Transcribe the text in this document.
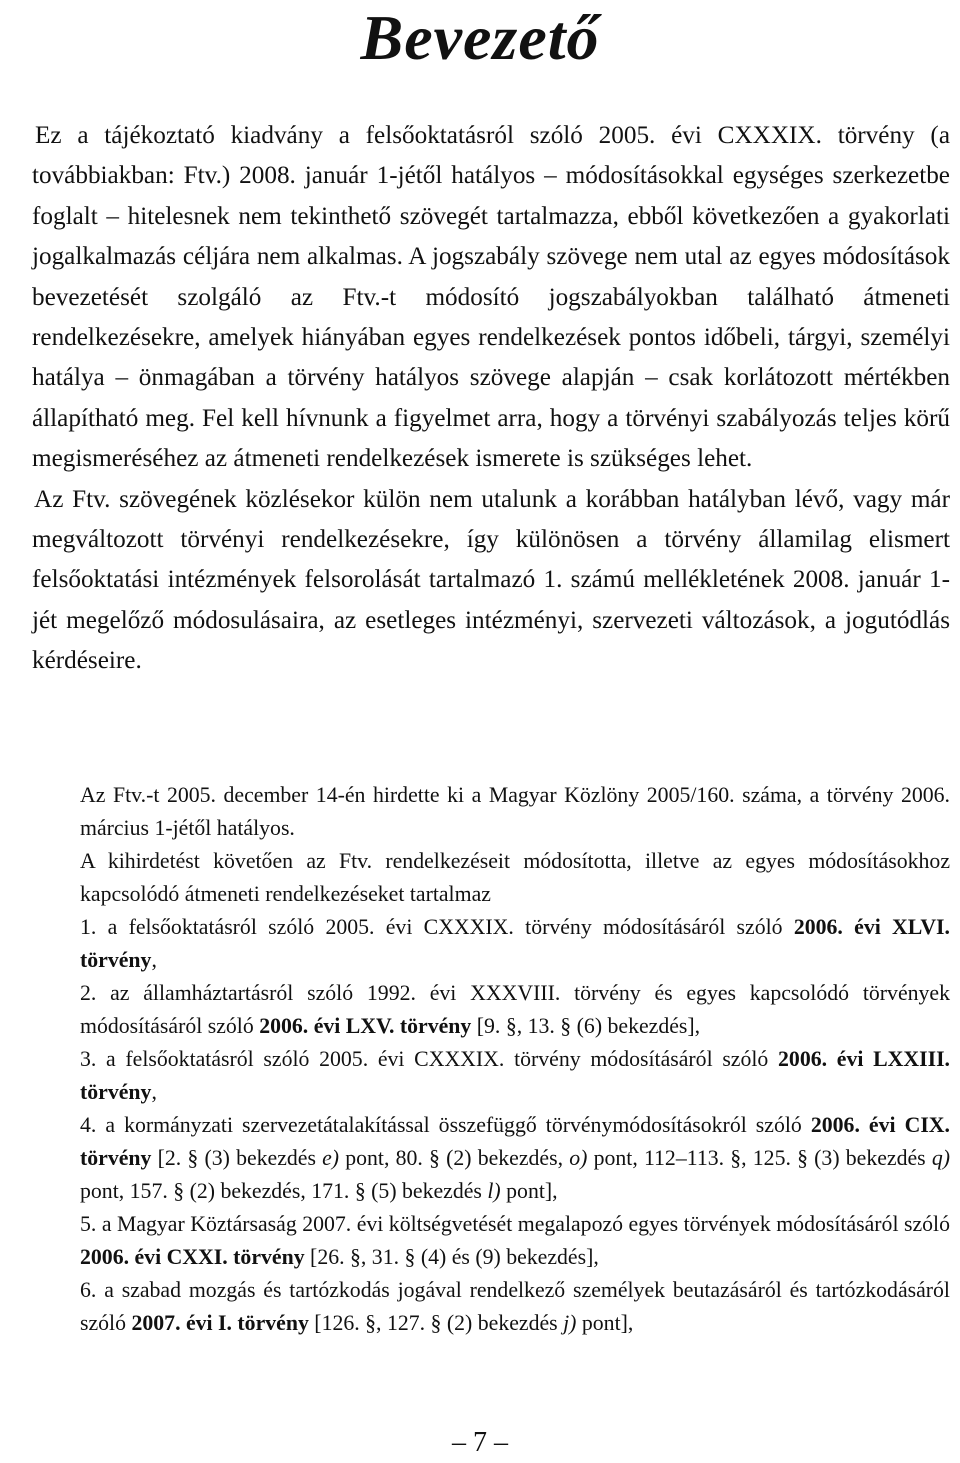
Bevezető

Ez a tájékoztató kiadvány a felsőoktatásról szóló 2005. évi CXXXIX. törvény (a továbbiakban: Ftv.) 2008. január 1-jétől hatályos – módosításokkal egységes szerkezetbe foglalt – hitelesnek nem tekinthető szövegét tartalmazza, ebből következően a gyakorlati jogalkalmazás céljára nem alkalmas. A jogszabály szövege nem utal az egyes módosítások bevezetését szolgáló az Ftv.-t módosító jogszabályokban található átmeneti rendelkezésekre, amelyek hiányában egyes rendelkezések pontos időbeli, tárgyi, személyi hatálya – önmagában a törvény hatályos szövege alapján – csak korlátozott mértékben állapítható meg. Fel kell hívnunk a figyelmet arra, hogy a törvényi szabályozás teljes körű megismeréséhez az átmeneti rendelkezések ismerete is szükséges lehet.

Az Ftv. szövegének közlésekor külön nem utalunk a korábban hatályban lévő, vagy már megváltozott törvényi rendelkezésekre, így különösen a törvény államilag elismert felsőoktatási intézmények felsorolását tartalmazó 1. számú mellékletének 2008. január 1-jét megelőző módosulásaira, az esetleges intézményi, szervezeti változások, a jogutódlás kérdéseire.

Az Ftv.-t 2005. december 14-én hirdette ki a Magyar Közlöny 2005/160. száma, a törvény 2006. március 1-jétől hatályos.

A kihirdetést követően az Ftv. rendelkezéseit módosította, illetve az egyes módosításokhoz kapcsolódó átmeneti rendelkezéseket tartalmaz

1. a felsőoktatásról szóló 2005. évi CXXXIX. törvény módosításáról szóló 2006. évi XLVI. törvény,

2. az államháztartásról szóló 1992. évi XXXVIII. törvény és egyes kapcsolódó törvények módosításáról szóló 2006. évi LXV. törvény [9. §, 13. § (6) bekezdés],

3. a felsőoktatásról szóló 2005. évi CXXXIX. törvény módosításáról szóló 2006. évi LXXIII. törvény,

4. a kormányzati szervezetátalakítással összefüggő törvénymódosításokról szóló 2006. évi CIX. törvény [2. § (3) bekezdés e) pont, 80. § (2) bekezdés, o) pont, 112–113. §, 125. § (3) bekezdés q) pont, 157. § (2) bekezdés, 171. § (5) bekezdés l) pont],

5. a Magyar Köztársaság 2007. évi költségvetését megalapozó egyes törvények módosításáról szóló 2006. évi CXXI. törvény [26. §, 31. § (4) és (9) bekezdés],

6. a szabad mozgás és tartózkodás jogával rendelkező személyek beutazásáról és tartózkodásáról szóló 2007. évi I. törvény [126. §, 127. § (2) bekezdés j) pont],

– 7 –
